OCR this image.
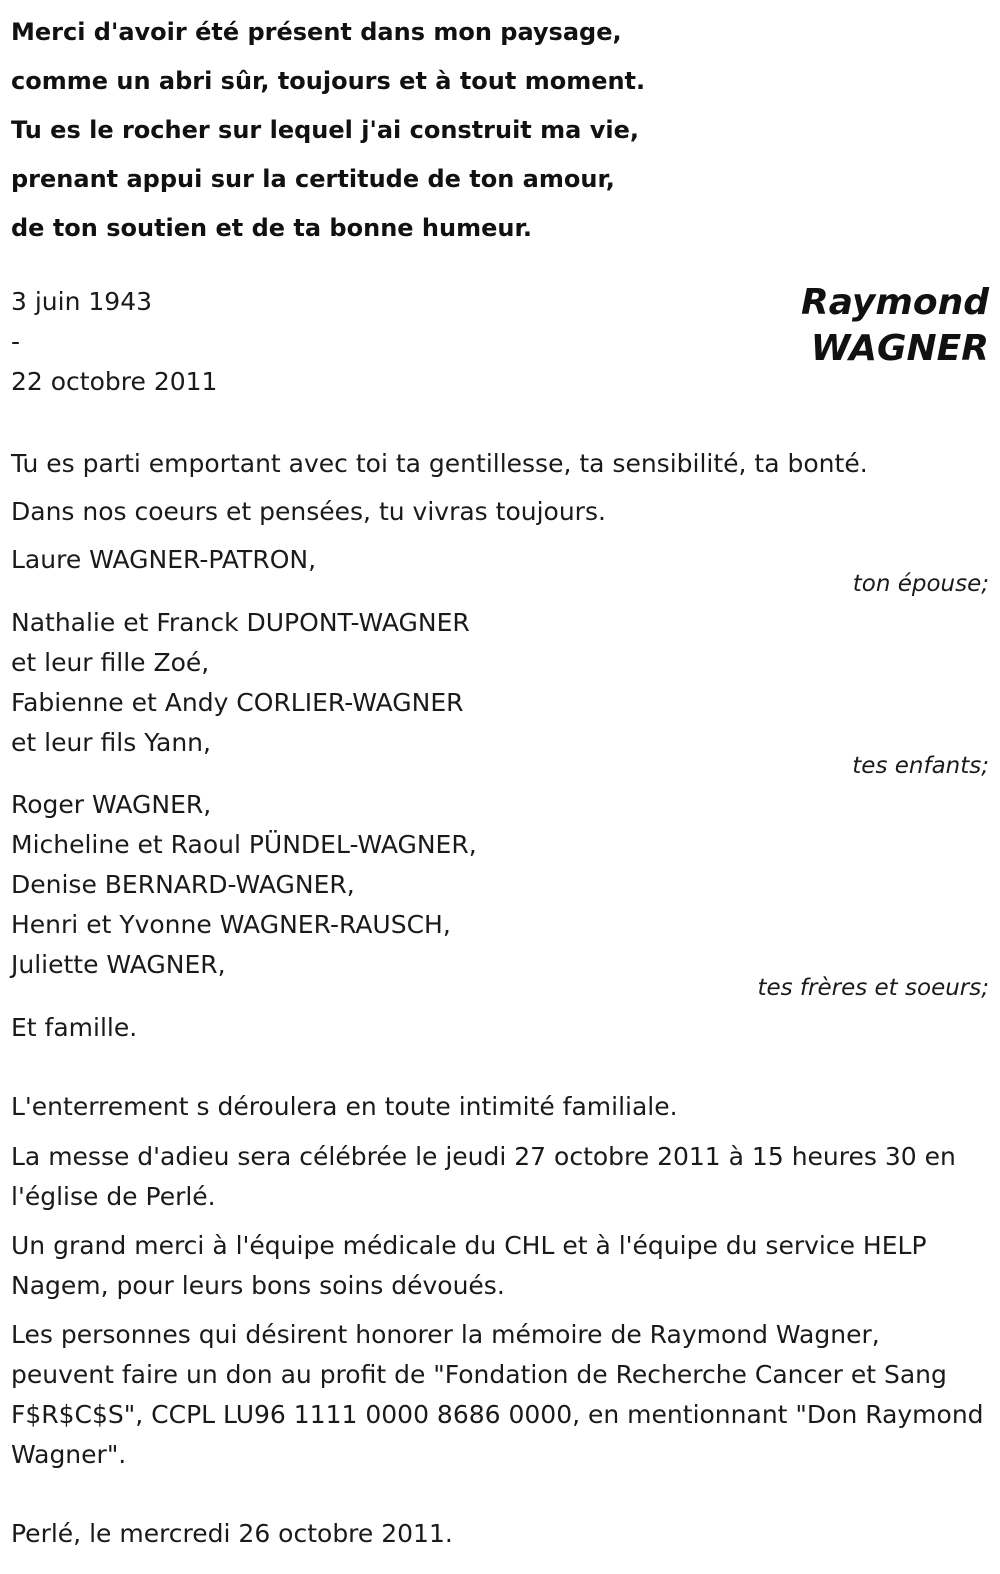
Merci d'avoir été présent dans mon paysage,
comme un abri sûr, toujours et à tout moment.
Tu es le rocher sur lequel j'ai construit ma vie,
prenant appui sur la certitude de ton amour,
de ton soutien et de ta bonne humeur.
3 juin 1943
-
22 octobre 2011
Raymond
WAGNER
Tu es parti emportant avec toi ta gentillesse, ta sensibilité, ta bonté.
Dans nos coeurs et pensées, tu vivras toujours.
Laure WAGNER-PATRON,
ton épouse;
Nathalie et Franck DUPONT-WAGNER
et leur fille Zoé,
Fabienne et Andy CORLIER-WAGNER
et leur fils Yann,
tes enfants;
Roger WAGNER,
Micheline et Raoul PÜNDEL-WAGNER,
Denise BERNARD-WAGNER,
Henri et Yvonne WAGNER-RAUSCH,
Juliette WAGNER,
tes frères et soeurs;
Et famille.
L'enterrement s déroulera en toute intimité familiale.
La messe d'adieu sera célébrée le jeudi 27 octobre 2011 à 15 heures 30 en l'église de Perlé.
Un grand merci à l'équipe médicale du CHL et à l'équipe du service HELP Nagem, pour leurs bons soins dévoués.
Les personnes qui désirent honorer la mémoire de Raymond Wagner, peuvent faire un don au profit de "Fondation de Recherche Cancer et Sang F$R$C$S", CCPL LU96 1111 0000 8686 0000, en mentionnant "Don Raymond Wagner".
Perlé, le mercredi 26 octobre 2011.
